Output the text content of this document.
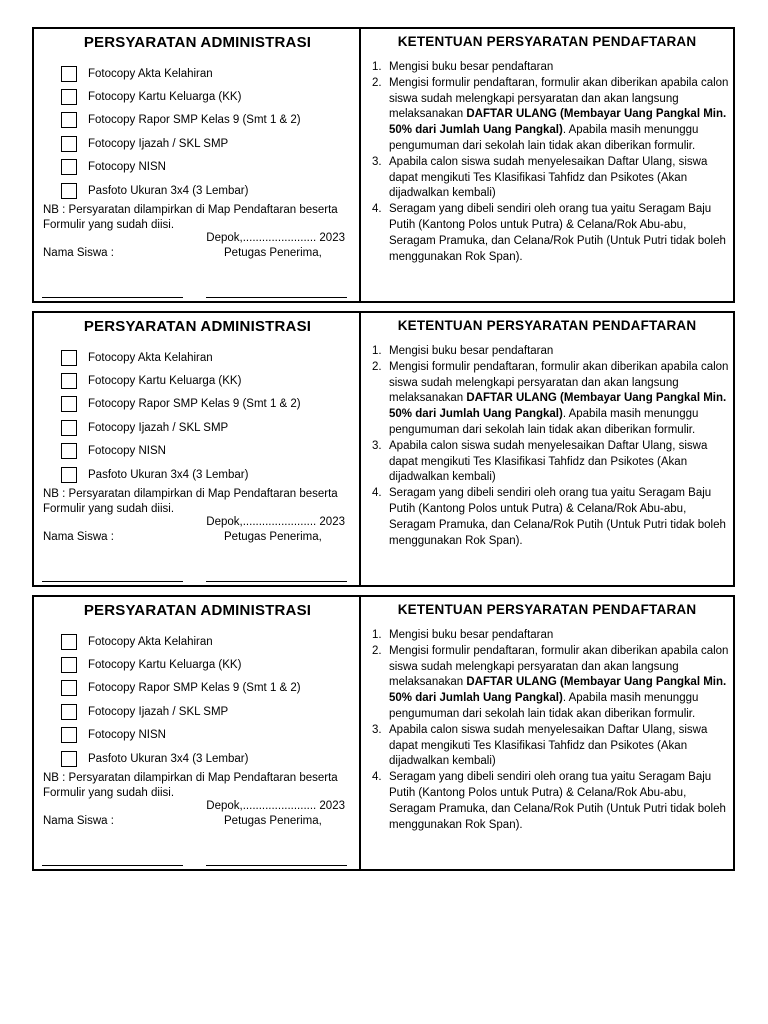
PERSYARATAN ADMINISTRASI
Fotocopy Akta Kelahiran
Fotocopy Kartu Keluarga (KK)
Fotocopy Rapor SMP Kelas 9 (Smt 1 & 2)
Fotocopy Ijazah / SKL SMP
Fotocopy NISN
Pasfoto Ukuran 3x4 (3 Lembar)

NB : Persyaratan dilampirkan di Map Pendaftaran beserta Formulir yang sudah diisi.

Depok,....................... 2023
Nama Siswa :	Petugas Penerima,
KETENTUAN PERSYARATAN PENDAFTARAN
1. Mengisi buku besar pendaftaran
2. Mengisi formulir pendaftaran, formulir akan diberikan apabila calon siswa sudah melengkapi persyaratan dan akan langsung melaksanakan DAFTAR ULANG (Membayar Uang Pangkal Min. 50% dari Jumlah Uang Pangkal). Apabila masih menunggu pengumuman dari sekolah lain tidak akan diberikan formulir.
3. Apabila calon siswa sudah menyelesaikan Daftar Ulang, siswa dapat mengikuti Tes Klasifikasi Tahfidz dan Psikotes (Akan dijadwalkan kembali)
4. Seragam yang dibeli sendiri oleh orang tua yaitu Seragam Baju Putih (Kantong Polos untuk Putra) & Celana/Rok Abu-abu, Seragam Pramuka, dan Celana/Rok Putih (Untuk Putri tidak boleh menggunakan Rok Span).
PERSYARATAN ADMINISTRASI
Fotocopy Akta Kelahiran
Fotocopy Kartu Keluarga (KK)
Fotocopy Rapor SMP Kelas 9 (Smt 1 & 2)
Fotocopy Ijazah / SKL SMP
Fotocopy NISN
Pasfoto Ukuran 3x4 (3 Lembar)

NB : Persyaratan dilampirkan di Map Pendaftaran beserta Formulir yang sudah diisi.

Depok,....................... 2023
Nama Siswa :	Petugas Penerima,
KETENTUAN PERSYARATAN PENDAFTARAN
1. Mengisi buku besar pendaftaran
2. Mengisi formulir pendaftaran, formulir akan diberikan apabila calon siswa sudah melengkapi persyaratan dan akan langsung melaksanakan DAFTAR ULANG (Membayar Uang Pangkal Min. 50% dari Jumlah Uang Pangkal). Apabila masih menunggu pengumuman dari sekolah lain tidak akan diberikan formulir.
3. Apabila calon siswa sudah menyelesaikan Daftar Ulang, siswa dapat mengikuti Tes Klasifikasi Tahfidz dan Psikotes (Akan dijadwalkan kembali)
4. Seragam yang dibeli sendiri oleh orang tua yaitu Seragam Baju Putih (Kantong Polos untuk Putra) & Celana/Rok Abu-abu, Seragam Pramuka, dan Celana/Rok Putih (Untuk Putri tidak boleh menggunakan Rok Span).
PERSYARATAN ADMINISTRASI
Fotocopy Akta Kelahiran
Fotocopy Kartu Keluarga (KK)
Fotocopy Rapor SMP Kelas 9 (Smt 1 & 2)
Fotocopy Ijazah / SKL SMP
Fotocopy NISN
Pasfoto Ukuran 3x4 (3 Lembar)

NB : Persyaratan dilampirkan di Map Pendaftaran beserta Formulir yang sudah diisi.

Depok,....................... 2023
Nama Siswa :	Petugas Penerima,
KETENTUAN PERSYARATAN PENDAFTARAN
1. Mengisi buku besar pendaftaran
2. Mengisi formulir pendaftaran, formulir akan diberikan apabila calon siswa sudah melengkapi persyaratan dan akan langsung melaksanakan DAFTAR ULANG (Membayar Uang Pangkal Min. 50% dari Jumlah Uang Pangkal). Apabila masih menunggu pengumuman dari sekolah lain tidak akan diberikan formulir.
3. Apabila calon siswa sudah menyelesaikan Daftar Ulang, siswa dapat mengikuti Tes Klasifikasi Tahfidz dan Psikotes (Akan dijadwalkan kembali)
4. Seragam yang dibeli sendiri oleh orang tua yaitu Seragam Baju Putih (Kantong Polos untuk Putra) & Celana/Rok Abu-abu, Seragam Pramuka, dan Celana/Rok Putih (Untuk Putri tidak boleh menggunakan Rok Span).
